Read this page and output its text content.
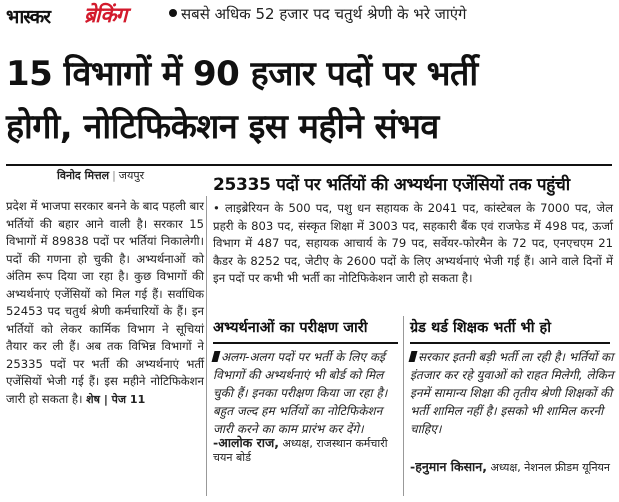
भास्कर ब्रेकिंग	सबसे अधिक 52 हजार पद चतुर्थ श्रेणी के भरे जाएंगे
15 विभागों में 90 हजार पदों पर भर्ती
होगी, नोटिफिकेशन इस महीने संभव
विनोद मित्तल | जयपुर
प्रदेश में भाजपा सरकार बनने के बाद पहली बार भर्तियों की बहार आने वाली है। सरकार 15 विभागों में 89838 पदों पर भर्तियां निकालेगी। पदों की गणना हो चुकी है। अभ्यर्थनाओं को अंतिम रूप दिया जा रहा है। कुछ विभागों की अभ्यर्थनाएं एजेंसियों को मिल गई हैं। सर्वाधिक 52453 पद चतुर्थ श्रेणी कर्मचारियों के हैं। इन भर्तियों को लेकर कार्मिक विभाग ने सूचियां तैयार कर ली हैं। अब तक विभिन्न विभागों ने 25335 पदों पर भर्ती की अभ्यर्थनाएं भर्ती एजेंसियों भेजी गई हैं। इस महीने नोटिफिकेशन जारी हो सकता है। शेष | पेज 11
25335 पदों पर भर्तियों की अभ्यर्थना एजेंसियों तक पहुंची
• लाइब्रेरियन के 500 पद, पशु धन सहायक के 2041 पद, कांस्टेबल के 7000 पद, जेल प्रहरी के 803 पद, संस्कृत शिक्षा में 3003 पद, सहकारी बैंक एवं राजफेड में 498 पद, ऊर्जा विभाग में 487 पद, सहायक आचार्य के 79 पद, सर्वेयर-फोरमैन के 72 पद, एनएचएम 21 कैडर के 8252 पद, जेटीए के 2600 पदों के लिए अभ्यर्थनाएं भेजी गई हैं। आने वाले दिनों में इन पदों पर कभी भी भर्ती का नोटिफिकेशन जारी हो सकता है।
अभ्यर्थनाओं का परीक्षण जारी	ग्रेड थर्ड शिक्षक भर्ती भी हो
अलग-अलग पदों पर भर्ती के लिए कई विभागों की अभ्यर्थनाएं भी बोर्ड को मिल चुकी हैं। इनका परीक्षण किया जा रहा है। बहुत जल्द हम भर्तियों का नोटिफिकेशन जारी करने का काम प्रारंभ कर देंगे।
-आलोक राज, अध्यक्ष, राजस्थान कर्मचारी चयन बोर्ड
सरकार इतनी बड़ी भर्ती ला रही है। भर्तियों का इंतजार कर रहे युवाओं को राहत मिलेगी, लेकिन इनमें सामान्य शिक्षा की तृतीय श्रेणी शिक्षकों की भर्ती शामिल नहीं है। इसको भी शामिल करनी चाहिए।
-हनुमान किसान, अध्यक्ष, नेशनल फ्रीडम यूनियन
